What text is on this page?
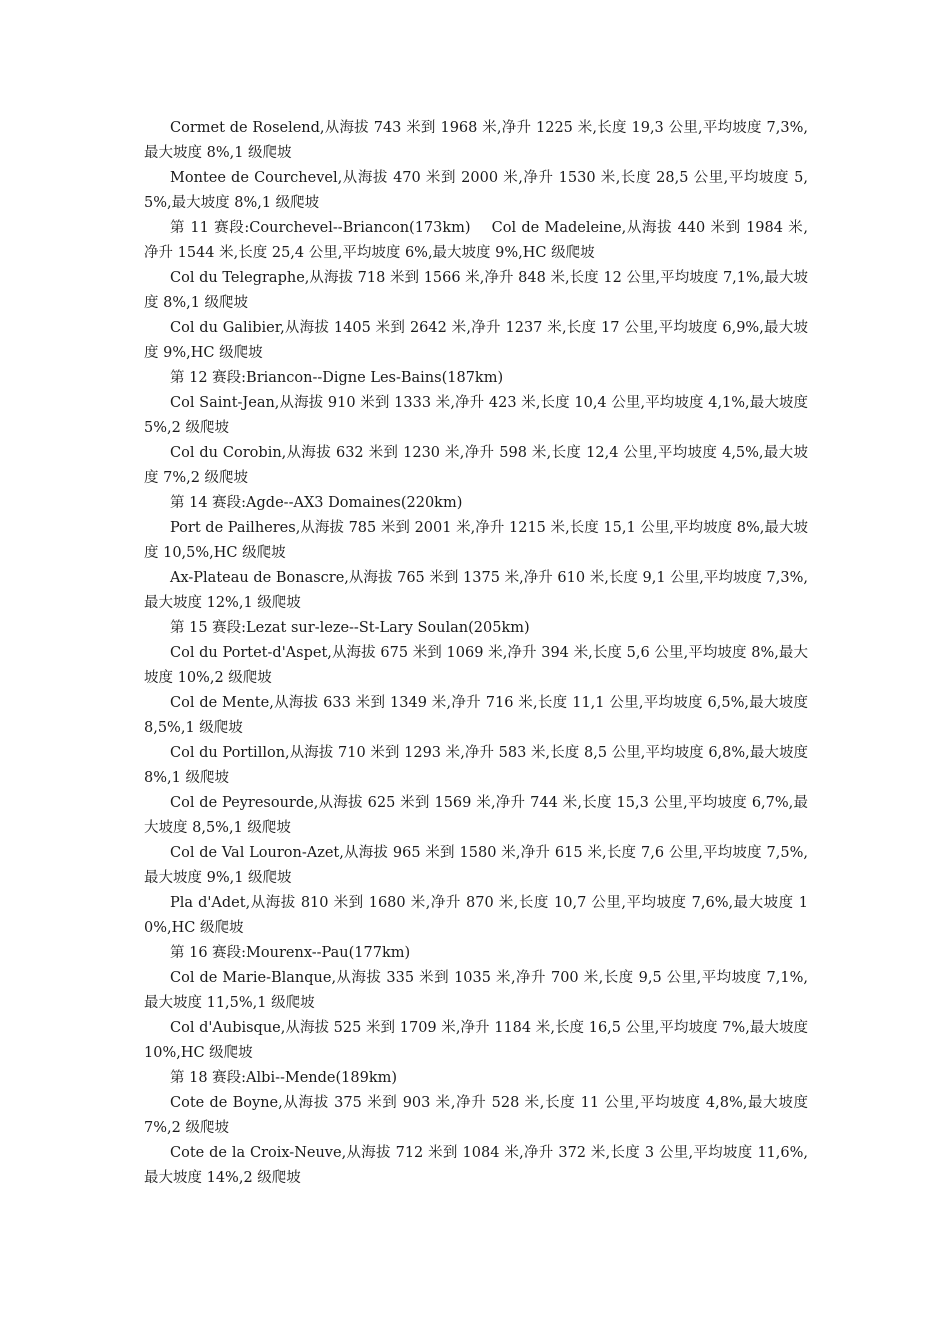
Cormet de Roselend,从海拔 743 米到 1968 米,净升 1225 米,长度 19,3 公里,平均坡度 7,3%,最大坡度 8%,1 级爬坡

Montee de Courchevel,从海拔 470 米到 2000 米,净升 1530 米,长度 28,5 公里,平均坡度 5,5%,最大坡度 8%,1 级爬坡

第 11 赛段:Courchevel--Briancon(173km)　 Col de Madeleine,从海拔 440 米到 1984 米,净升 1544 米,长度 25,4 公里,平均坡度 6%,最大坡度 9%,HC 级爬坡

Col du Telegraphe,从海拔 718 米到 1566 米,净升 848 米,长度 12 公里,平均坡度 7,1%,最大坡度 8%,1 级爬坡

Col du Galibier,从海拔 1405 米到 2642 米,净升 1237 米,长度 17 公里,平均坡度 6,9%,最大坡度 9%,HC 级爬坡

第 12 赛段:Briancon--Digne Les-Bains(187km)

Col Saint-Jean,从海拔 910 米到 1333 米,净升 423 米,长度 10,4 公里,平均坡度 4,1%,最大坡度 5%,2 级爬坡

Col du Corobin,从海拔 632 米到 1230 米,净升 598 米,长度 12,4 公里,平均坡度 4,5%,最大坡度 7%,2 级爬坡

第 14 赛段:Agde--AX3 Domaines(220km)

Port de Pailheres,从海拔 785 米到 2001 米,净升 1215 米,长度 15,1 公里,平均坡度 8%,最大坡度 10,5%,HC 级爬坡

Ax-Plateau de Bonascre,从海拔 765 米到 1375 米,净升 610 米,长度 9,1 公里,平均坡度 7,3%,最大坡度 12%,1 级爬坡

第 15 赛段:Lezat sur-leze--St-Lary Soulan(205km)

Col du Portet-d'Aspet,从海拔 675 米到 1069 米,净升 394 米,长度 5,6 公里,平均坡度 8%,最大坡度 10%,2 级爬坡

Col de Mente,从海拔 633 米到 1349 米,净升 716 米,长度 11,1 公里,平均坡度 6,5%,最大坡度 8,5%,1 级爬坡

Col du Portillon,从海拔 710 米到 1293 米,净升 583 米,长度 8,5 公里,平均坡度 6,8%,最大坡度 8%,1 级爬坡

Col de Peyresourde,从海拔 625 米到 1569 米,净升 744 米,长度 15,3 公里,平均坡度 6,7%,最大坡度 8,5%,1 级爬坡

Col de Val Louron-Azet,从海拔 965 米到 1580 米,净升 615 米,长度 7,6 公里,平均坡度 7,5%,最大坡度 9%,1 级爬坡

Pla d'Adet,从海拔 810 米到 1680 米,净升 870 米,长度 10,7 公里,平均坡度 7,6%,最大坡度 10%,HC 级爬坡

第 16 赛段:Mourenx--Pau(177km)

Col de Marie-Blanque,从海拔 335 米到 1035 米,净升 700 米,长度 9,5 公里,平均坡度 7,1%,最大坡度 11,5%,1 级爬坡

Col d'Aubisque,从海拔 525 米到 1709 米,净升 1184 米,长度 16,5 公里,平均坡度 7%,最大坡度 10%,HC 级爬坡

第 18 赛段:Albi--Mende(189km)

Cote de Boyne,从海拔 375 米到 903 米,净升 528 米,长度 11 公里,平均坡度 4,8%,最大坡度 7%,2 级爬坡

Cote de la Croix-Neuve,从海拔 712 米到 1084 米,净升 372 米,长度 3 公里,平均坡度 11,6%,最大坡度 14%,2 级爬坡
